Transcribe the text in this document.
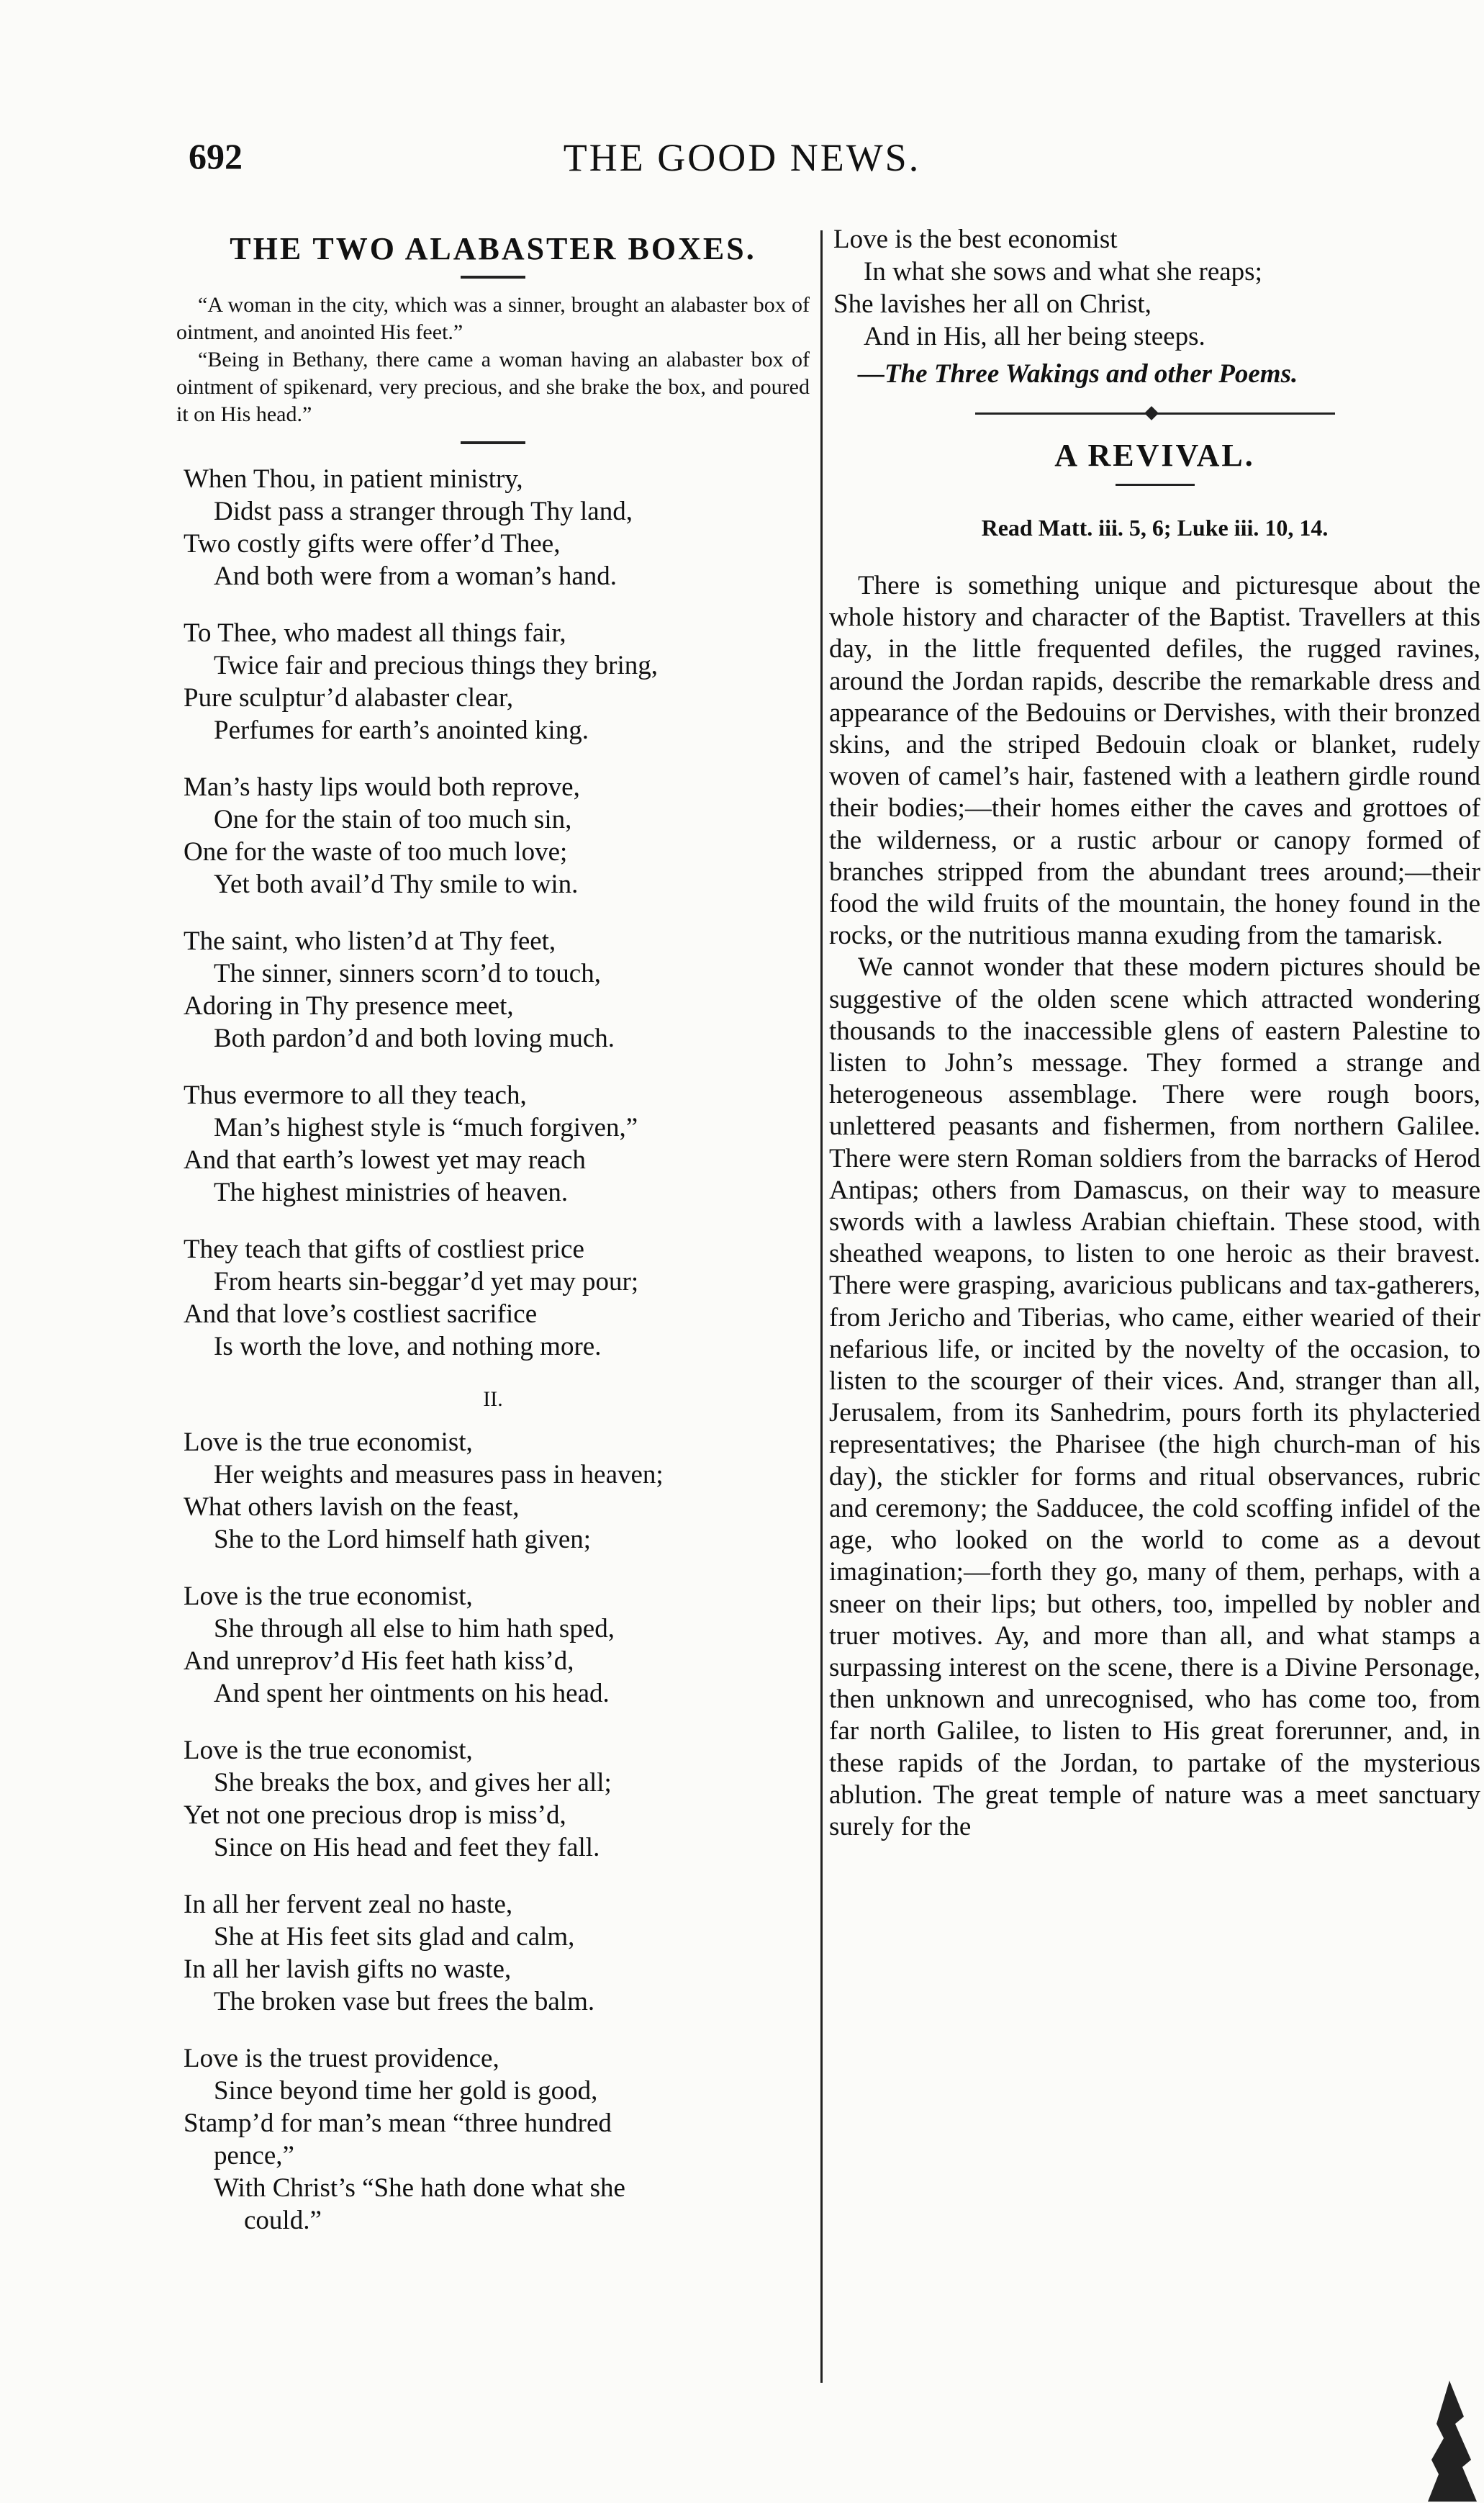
692	THE GOOD NEWS.
THE TWO ALABASTER BOXES.

“A woman in the city, which was a sinner, brought an alabaster box of ointment, and anointed His feet.”

“Being in Bethany, there came a woman having an alabaster box of ointment of spikenard, very precious, and she brake the box, and poured it on His head.”

When Thou, in patient ministry,
Didst pass a stranger through Thy land,
Two costly gifts were offer’d Thee,
And both were from a woman’s hand.
To Thee, who madest all things fair,
Twice fair and precious things they bring,
Pure sculptur’d alabaster clear,
Perfumes for earth’s anointed king.
Man’s hasty lips would both reprove,
One for the stain of too much sin,
One for the waste of too much love;
Yet both avail’d Thy smile to win.
The saint, who listen’d at Thy feet,
The sinner, sinners scorn’d to touch,
Adoring in Thy presence meet,
Both pardon’d and both loving much.
Thus evermore to all they teach,
Man’s highest style is “much forgiven,”
And that earth’s lowest yet may reach
The highest ministries of heaven.
They teach that gifts of costliest price
From hearts sin-beggar’d yet may pour;
And that love’s costliest sacrifice
Is worth the love, and nothing more.
II.
Love is the true economist,
Her weights and measures pass in heaven;
What others lavish on the feast,
She to the Lord himself hath given;
Love is the true economist,
She through all else to him hath sped,
And unreprov’d His feet hath kiss’d,
And spent her ointments on his head.
Love is the true economist,
She breaks the box, and gives her all;
Yet not one precious drop is miss’d,
Since on His head and feet they fall.
In all her fervent zeal no haste,
She at His feet sits glad and calm,
In all her lavish gifts no waste,
The broken vase but frees the balm.
Love is the truest providence,
Since beyond time her gold is good,
Stamp’d for man’s mean “three hundred
pence,”
With Christ’s “She hath done what she
could.”
Love is the best economist
In what she sows and what she reaps;
She lavishes her all on Christ,
And in His, all her being steeps.
—The Three Wakings and other Poems.
A REVIVAL.
Read Matt. iii. 5, 6; Luke iii. 10, 14.

There is something unique and picturesque about the whole history and character of the Baptist. Travellers at this day, in the little frequented defiles, the rugged ravines, around the Jordan rapids, describe the remarkable dress and appearance of the Bedouins or Dervishes, with their bronzed skins, and the striped Bedouin cloak or blanket, rudely woven of camel’s hair, fastened with a leathern girdle round their bodies;—their homes either the caves and grottoes of the wilderness, or a rustic arbour or canopy formed of branches stripped from the abundant trees around;—their food the wild fruits of the mountain, the honey found in the rocks, or the nutritious manna exuding from the tamarisk.

We cannot wonder that these modern pictures should be suggestive of the olden scene which attracted wondering thousands to the inaccessible glens of eastern Palestine to listen to John’s message. They formed a strange and heterogeneous assemblage. There were rough boors, unlettered peasants and fishermen, from northern Galilee. There were stern Roman soldiers from the barracks of Herod Antipas; others from Damascus, on their way to measure swords with a lawless Arabian chieftain. These stood, with sheathed weapons, to listen to one heroic as their bravest. There were grasping, avaricious publicans and tax-gatherers, from Jericho and Tiberias, who came, either wearied of their nefarious life, or incited by the novelty of the occasion, to listen to the scourger of their vices. And, stranger than all, Jerusalem, from its Sanhedrim, pours forth its phylacteried representatives; the Pharisee (the high church-man of his day), the stickler for forms and ritual observances, rubric and ceremony; the Sadducee, the cold scoffing infidel of the age, who looked on the world to come as a devout imagination;—forth they go, many of them, perhaps, with a sneer on their lips; but others, too, impelled by nobler and truer motives. Ay, and more than all, and what stamps a surpassing interest on the scene, there is a Divine Personage, then unknown and unrecognised, who has come too, from far north Galilee, to listen to His great forerunner, and, in these rapids of the Jordan, to partake of the mysterious ablution. The great temple of nature was a meet sanctuary surely for the
